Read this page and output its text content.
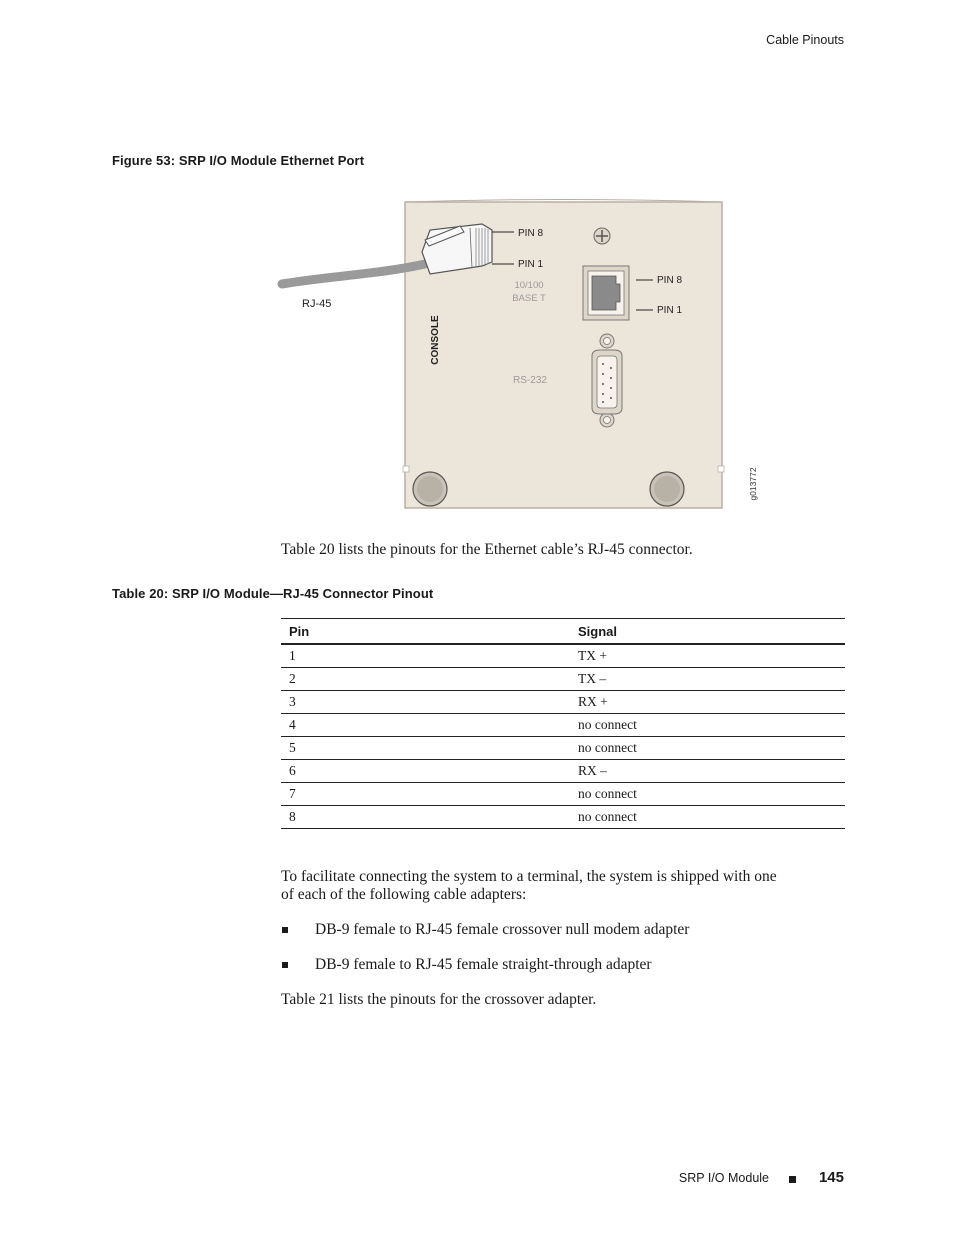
Cable Pinouts
Figure 53: SRP I/O Module Ethernet Port
PIN 8
PIN 1
RJ-45
PIN 8
PIN 1
10/100
BASE T
CONSOLE
RS-232
g013772
Table 20 lists the pinouts for the Ethernet cable’s RJ-45 connector.
Table 20: SRP I/O Module—RJ-45 Connector Pinout
Pin	Signal
1	TX +
2	TX –
3	RX +
4	no connect
5	no connect
6	RX –
7	no connect
8	no connect
To facilitate connecting the system to a terminal, the system is shipped with one of each of the following cable adapters:
DB-9 female to RJ-45 female crossover null modem adapter
DB-9 female to RJ-45 female straight-through adapter
Table 21 lists the pinouts for the crossover adapter.
SRP I/O Module	145
